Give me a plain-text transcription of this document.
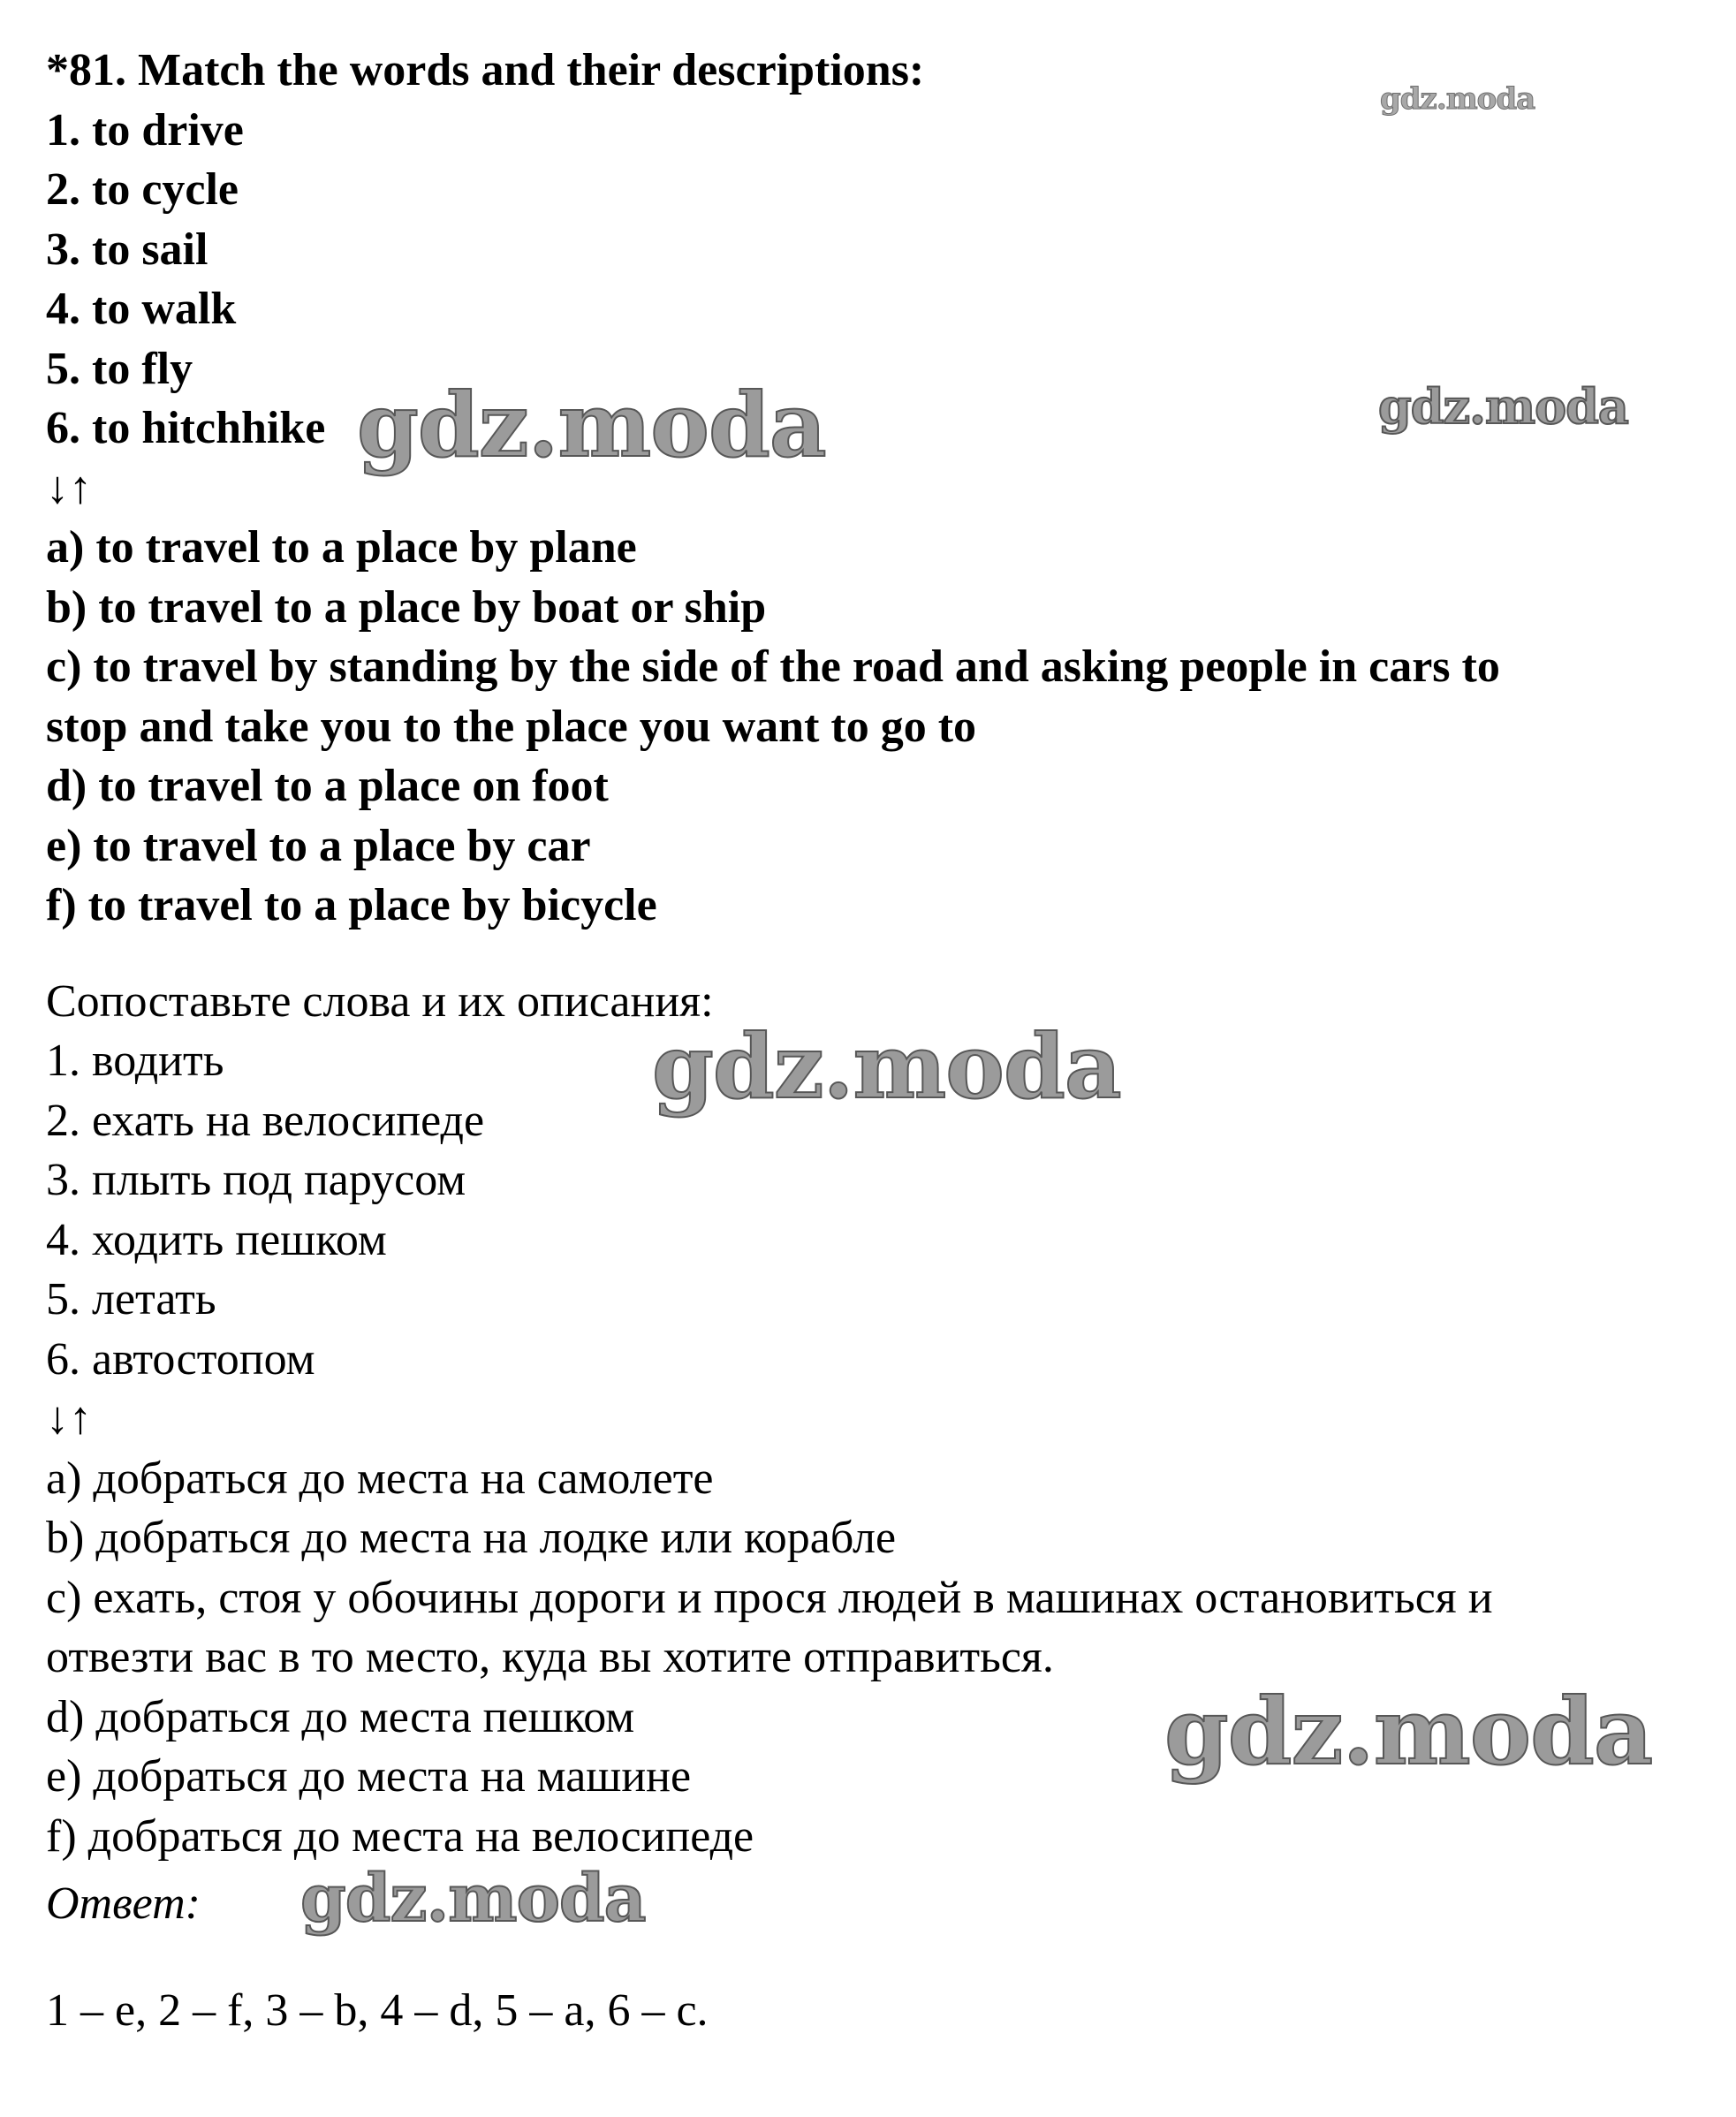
*81. Match the words and their descriptions:

1. to drive

2. to cycle

3. to sail

4. to walk

5. to fly

6. to hitchhike

↓↑

a) to travel to a place by plane

b) to travel to a place by boat or ship

c) to travel by standing by the side of the road and asking people in cars to

stop and take you to the place you want to go to

d) to travel to a place on foot

e) to travel to a place by car

f) to travel to a place by bicycle

Сопоставьте слова и их описания:

1. водить

2. ехать на велосипеде

3. плыть под парусом

4. ходить пешком

5. летать

6. автостопом

↓↑

a) добраться до места на самолете

b) добраться до места на лодке или корабле

c) ехать, стоя у обочины дороги и прося людей в машинах остановиться и

отвезти вас в то место, куда вы хотите отправиться.

d) добраться до места пешком

e) добраться до места на машине

f) добраться до места на велосипеде

Ответ:

1 – e, 2 – f, 3 – b, 4 – d, 5 – a, 6 – c.

gdz.moda
gdz.moda
gdz.moda
gdz.moda
gdz.moda
gdz.moda
